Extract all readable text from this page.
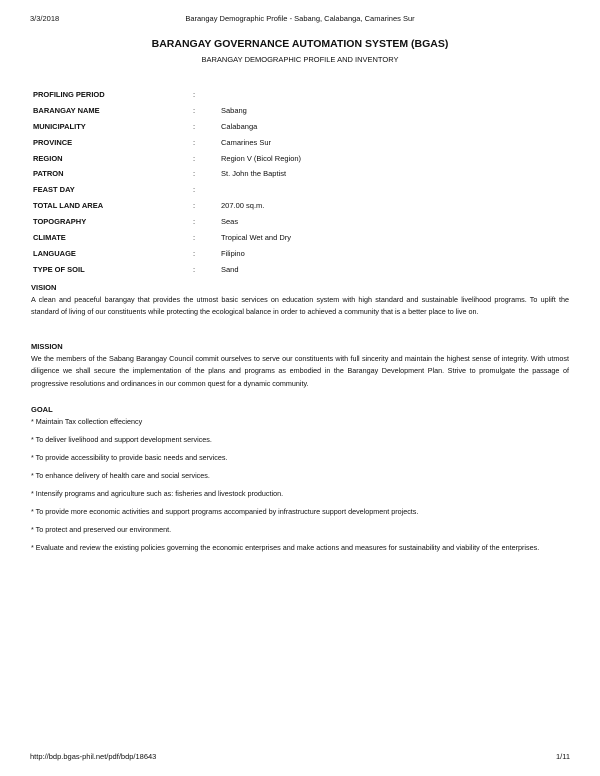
3/3/2018	Barangay Demographic Profile - Sabang, Calabanga, Camarines Sur
BARANGAY GOVERNANCE AUTOMATION SYSTEM (BGAS)
BARANGAY DEMOGRAPHIC PROFILE AND INVENTORY
PROFILING PERIOD	:
BARANGAY NAME	:	Sabang
MUNICIPALITY	:	Calabanga
PROVINCE	:	Camarines Sur
REGION	:	Region V (Bicol Region)
PATRON	:	St. John the Baptist
FEAST DAY	:
TOTAL LAND AREA	:	207.00 sq.m.
TOPOGRAPHY	:	Seas
CLIMATE	:	Tropical Wet and Dry
LANGUAGE	:	Filipino
TYPE OF SOIL	:	Sand
VISION
A clean and peaceful barangay that provides the utmost basic services on education system with high standard and sustainable livelihood programs. To uplift the standard of living of our constituents while protecting the ecological balance in order to achieved a community that is a better place to live on.
MISSION
We the members of the Sabang Barangay Council commit ourselves to serve our constituents with full sincerity and maintain the highest sense of integrity. With utmost diligence we shall secure the implementation of the plans and programs as embodied in the Barangay Development Plan. Strive to promulgate the passage of progressive resolutions and ordinances in our common quest for a dynamic community.
GOAL
* Maintain Tax collection effeciency
* To deliver livelihood and support development services.
* To provide accessibility to provide basic needs and services.
* To enhance delivery of health care and social services.
* Intensify programs and agriculture such as: fisheries and livestock production.
* To provide more economic activities and support programs accompanied by infrastructure support development projects.
* To protect and preserved our environment.
* Evaluate and review the existing policies governing the economic enterprises and make actions and measures for sustainability and viability of the enterprises.
http://bdp.bgas-phil.net/pdf/bdp/18643	1/11
